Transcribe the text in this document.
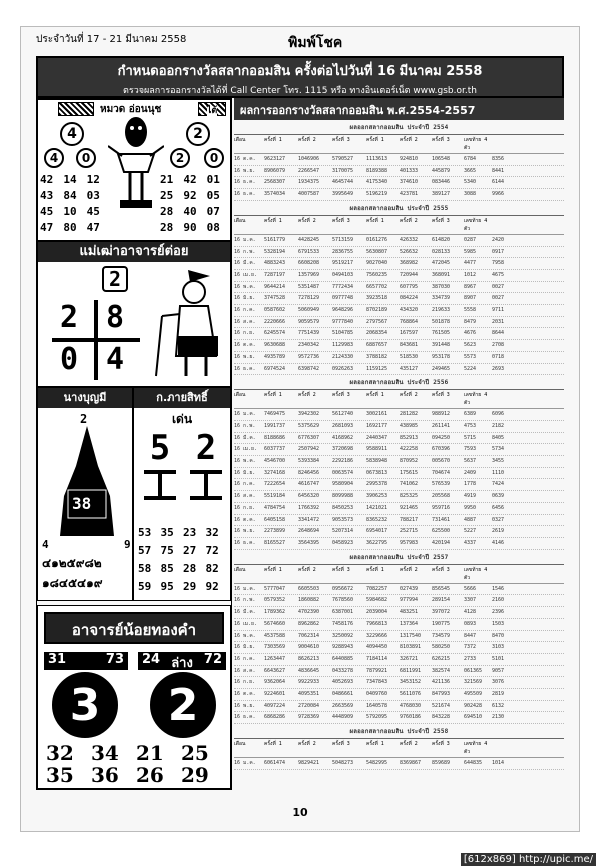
ประจำวันที่ 17 - 21 มีนาคม 2558	พิมพ์โชค
กำหนดออกรางวัลสลากออมสิน ครั้งต่อไปวันที่ 16 มีนาคม 2558
ตรวจผลการออกรางวัลได้ที่ Call Center โทร. 1115 หรือ ทางอินเตอร์เน็ต www.gsb.or.th
หมวด อ่อนนุช	ไต้
4
4	0
2
2	0
42 14 12
43 84 03
45 10 45
47 80 47
21 42 01
25 92 05
28 40 07
28 90 08
แม่เฒ่าอาจารย์ต่อย
2
2 8
0 4
นางบุญมี
2
38
4	9
๔๑๒๕๙๘๒
๑๘๔๕๔๑๙
ก.ภายสิทธิ์
เด่น
5 2
53 35 23 32
57 75 27 72
58 85 28 82
59 95 29 92
อาจารย์น้อยทองคำ
31	73 24 ล่าง 72
3	2
32 34 21 25
35 36 26 29
ผลการออกรางวัลสลากออมสิน พ.ศ.2554-2557
ผลออกสลากออมสิน ประจำปี 2554
เดือน	ครั้งที่ 1	ครั้งที่ 2	ครั้งที่ 3	ครั้งที่ 1	ครั้งที่ 2	ครั้งที่ 3	เลขท้าย 4 ตัว
16 ต.ค.	9623127	1046906	5790527	1113613	924810	106548	6784	8356
16 พ.ย.	8906079	2266547	3170075	8189388	401333	445879	3665	8441
16 ธ.ค.	2568307	1934375	4645744	4175340	374610	083446	5340	6144
16 ธ.ค.	3574034	4007587	3995649	5196219	423781	389127	3088	9966
ผลออกสลากออมสิน ประจำปี 2555
เดือน	ครั้งที่ 1	ครั้งที่ 2	ครั้งที่ 3	ครั้งที่ 1	ครั้งที่ 2	ครั้งที่ 3	เลขท้าย 4 ตัว
16 ม.ค.	5161779	4428245	5713159	0161276	426332	614820	0287	2420
16 ก.พ.	5328194	6791533	2836755	5630807	526632	028133	5985	0917
16 มี.ค.	4883243	6608208	9519217	9027040	368982	472045	4477	7958
16 เม.ย.	7287197	1357969	0494103	7560235	720944	368091	1012	4675
16 พ.ค.	9644214	5351487	7772434	6657702	607795	387030	8967	0027
16 มิ.ย.	3747528	7278129	0977748	3923518	084224	334739	8907	0027
16 ก.ค.	0587602	5060949	9648296	8702189	434320	219633	5558	9711
16 ส.ค.	2220666	9059579	9777840	2797567	768864	501878	8479	2031
16 ก.ย.	6245574	7751439	5104785	2068354	167597	761505	4676	8644
16 ต.ค.	9630688	2340342	1129983	6887657	843681	391448	5623	2708
16 พ.ย.	4935789	9572736	2124330	3788182	518530	953178	5573	0718
16 ธ.ค.	6974524	6398742	0926263	1159125	435127	249465	5224	2693
ผลออกสลากออมสิน ประจำปี 2556
เดือน	ครั้งที่ 1	ครั้งที่ 2	ครั้งที่ 3	ครั้งที่ 1	ครั้งที่ 2	ครั้งที่ 3	เลขท้าย 4 ตัว
16 ม.ค.	7469475	3942302	5612740	3002161	281282	988912	6389	6096
16 ก.พ.	1991737	5375629	2681093	1692177	438985	261141	4753	2182
16 มี.ค.	8188686	6776307	4168962	2440347	852913	094250	5715	8405
16 เม.ย.	6037737	2507942	3720698	9588911	422258	670396	7593	5734
16 พ.ค.	4546700	5393384	2292186	5838948	870952	005670	5637	3455
16 มิ.ย.	3274168	8246456	0063574	0673813	175615	704674	2409	1110
16 ก.ค.	7222654	4616747	9580904	2995378	741062	576539	1778	7424
16 ส.ค.	5519184	6456320	8099988	3906253	825325	205568	4919	0639
16 ก.ย.	4784754	1766392	8450253	1421021	921465	959716	9950	6456
16 ต.ค.	6405158	3341472	9053573	8365232	788217	731461	4887	0327
16 พ.ย.	2273899	2648694	5207314	6954017	252715	625500	5227	2619
16 ธ.ค.	8165527	3564395	0458923	3622795	957983	420194	4337	4146
ผลออกสลากออมสิน ประจำปี 2557
เดือน	ครั้งที่ 1	ครั้งที่ 2	ครั้งที่ 3	ครั้งที่ 1	ครั้งที่ 2	ครั้งที่ 3	เลขท้าย 4 ตัว
16 ม.ค.	5777047	6605503	0956672	7082257	027439	856545	5666	1546
16 ก.พ.	0579352	1860882	7678560	5984682	977994	289154	3307	2160
16 มี.ค.	1789362	4702390	6387001	2039004	483251	397072	4128	2396
16 เม.ย.	5674660	8962862	7458176	7966813	137364	190775	0893	1503
16 พ.ค.	4537588	7062314	3250092	3229666	1317540	734579	8447	8470
16 มิ.ย.	7303569	9004610	9288943	4094450	8103891	580250	7372	3103
16 ก.ค.	1263447	8626213	6440885	7184114	326721	626215	2733	5101
16 ส.ค.	6643627	4836645	0433278	7879921	6811991	382574	061365	9057
16 ก.ย.	9362064	9922933	4052693	7347843	3453152	421136	321569	3076
16 ต.ค.	9224601	4095351	0486661	0409760	5611076	847993	495509	2819
16 พ.ย.	4097224	2720084	2663569	1640578	4768030	521674	902428	6132
16 ธ.ค.	6868286	9728369	4448909	5792095	9760186	843228	694510	2130
ผลออกสลากออมสิน ประจำปี 2558
เดือน	ครั้งที่ 1	ครั้งที่ 2	ครั้งที่ 3	ครั้งที่ 1	ครั้งที่ 2	ครั้งที่ 3	เลขท้าย 4 ตัว
16 ม.ค.	6061474	9829421	5048273	5482995	8369867	859689	644835	1014
10
[612x869] http://upic.me/
